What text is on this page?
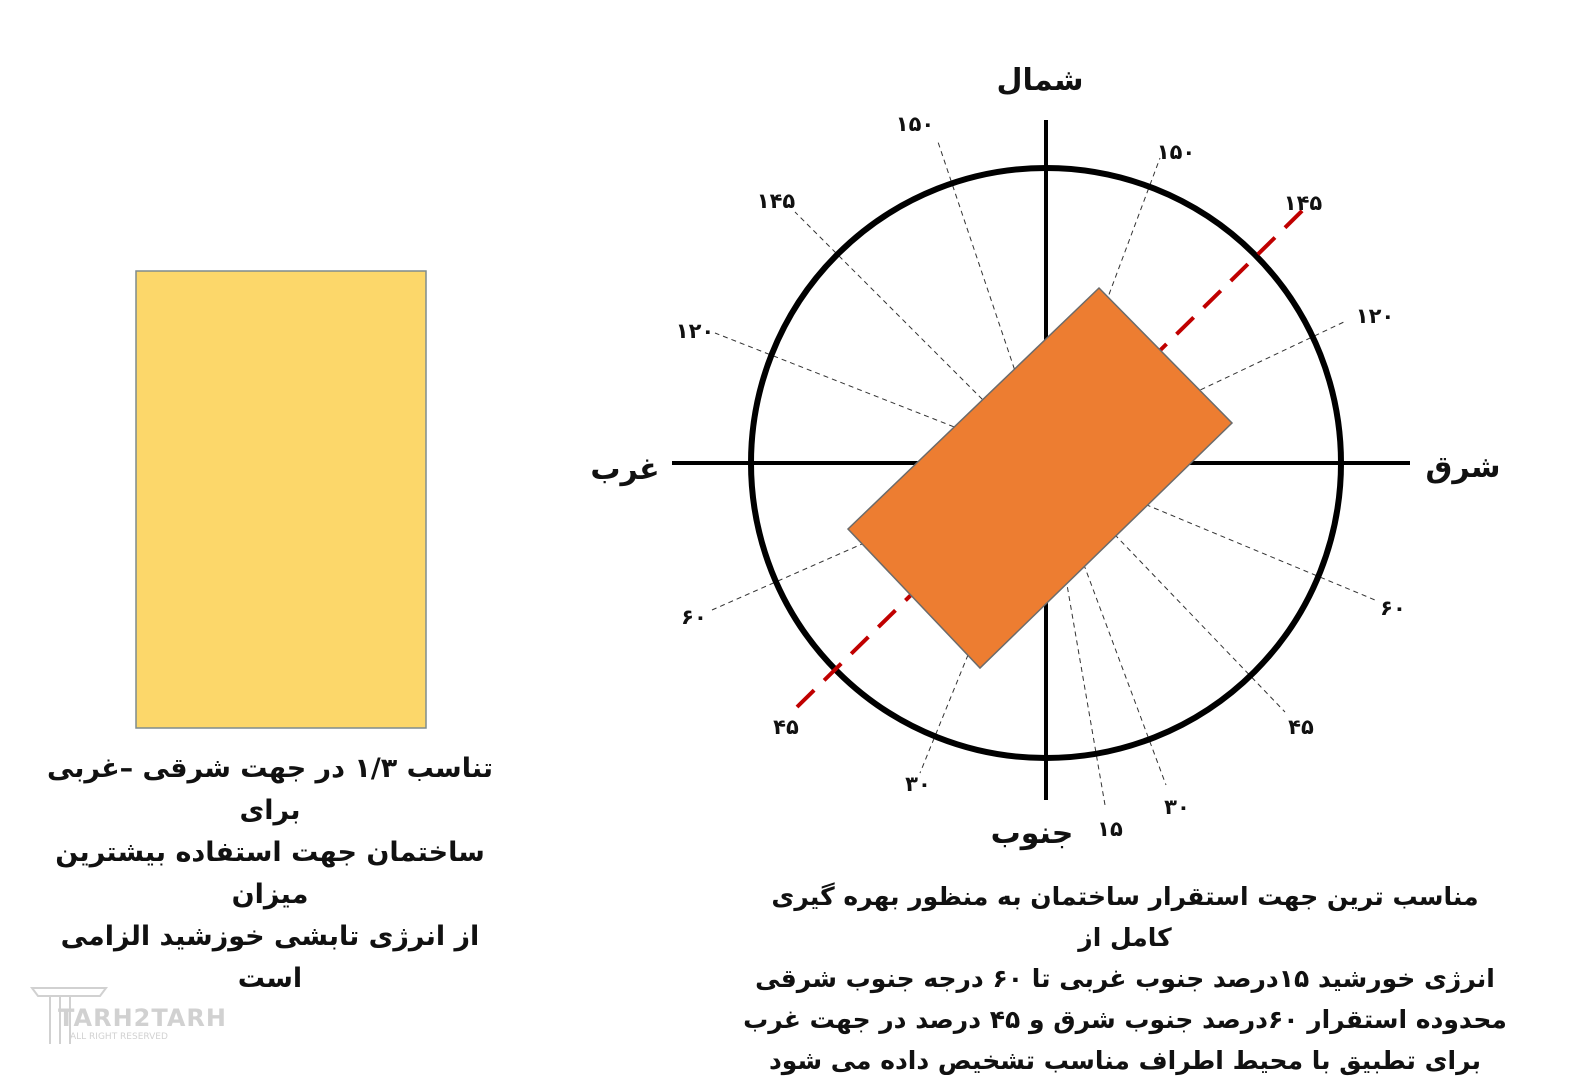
شمال
جنوب
شرق
غرب
۱۵۰
۱۴۵
۱۲۰
۶۰
۴۵
۳۰
۱۵۰
۱۴۵
۱۲۰
۶۰
۴۵
۳۰
۱۵
تناسب ۱/۳ در جهت شرقی –غربی برای
ساختمان جهت استفاده بیشترین میزان
از انرژی تابشی خوزشید الزامی است

مناسب ترین جهت استقرار ساختمان به منظور بهره گیری کامل از

انرژی خورشید ۱۵درصد جنوب غربی تا ۶۰ درجه جنوب شرقی

محدوده استقرار ۶۰درصد جنوب شرق و ۴۵ درصد در جهت غرب

برای تطبیق با محیط اطراف مناسب تشخیص داده می شود

TARH2TARH
ALL RIGHT RESERVED
